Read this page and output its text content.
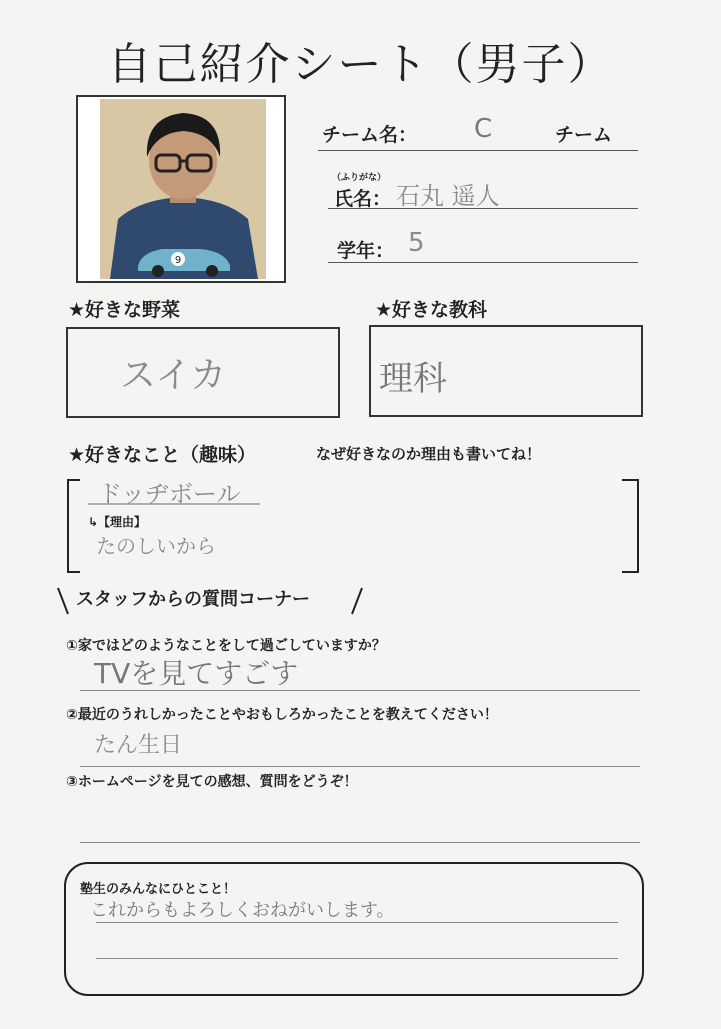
自己紹介シート（男子）
9
チーム名： C	チーム
（ふりがな）
氏名： 石丸 遥人
学年： 5
★好きな野菜
スイカ
★好きな教科
理科
★好きなこと（趣味）	なぜ好きなのか理由も書いてね！
ドッヂボール
↳【理由】
たのしいから
スタッフからの質問コーナー
①家ではどのようなことをして過ごしていますか？
TVを見てすごす
②最近のうれしかったことやおもしろかったことを教えてください！
たん生日
③ホームページを見ての感想、質問をどうぞ！
塾生のみんなにひとこと！
これからもよろしくおねがいします。
